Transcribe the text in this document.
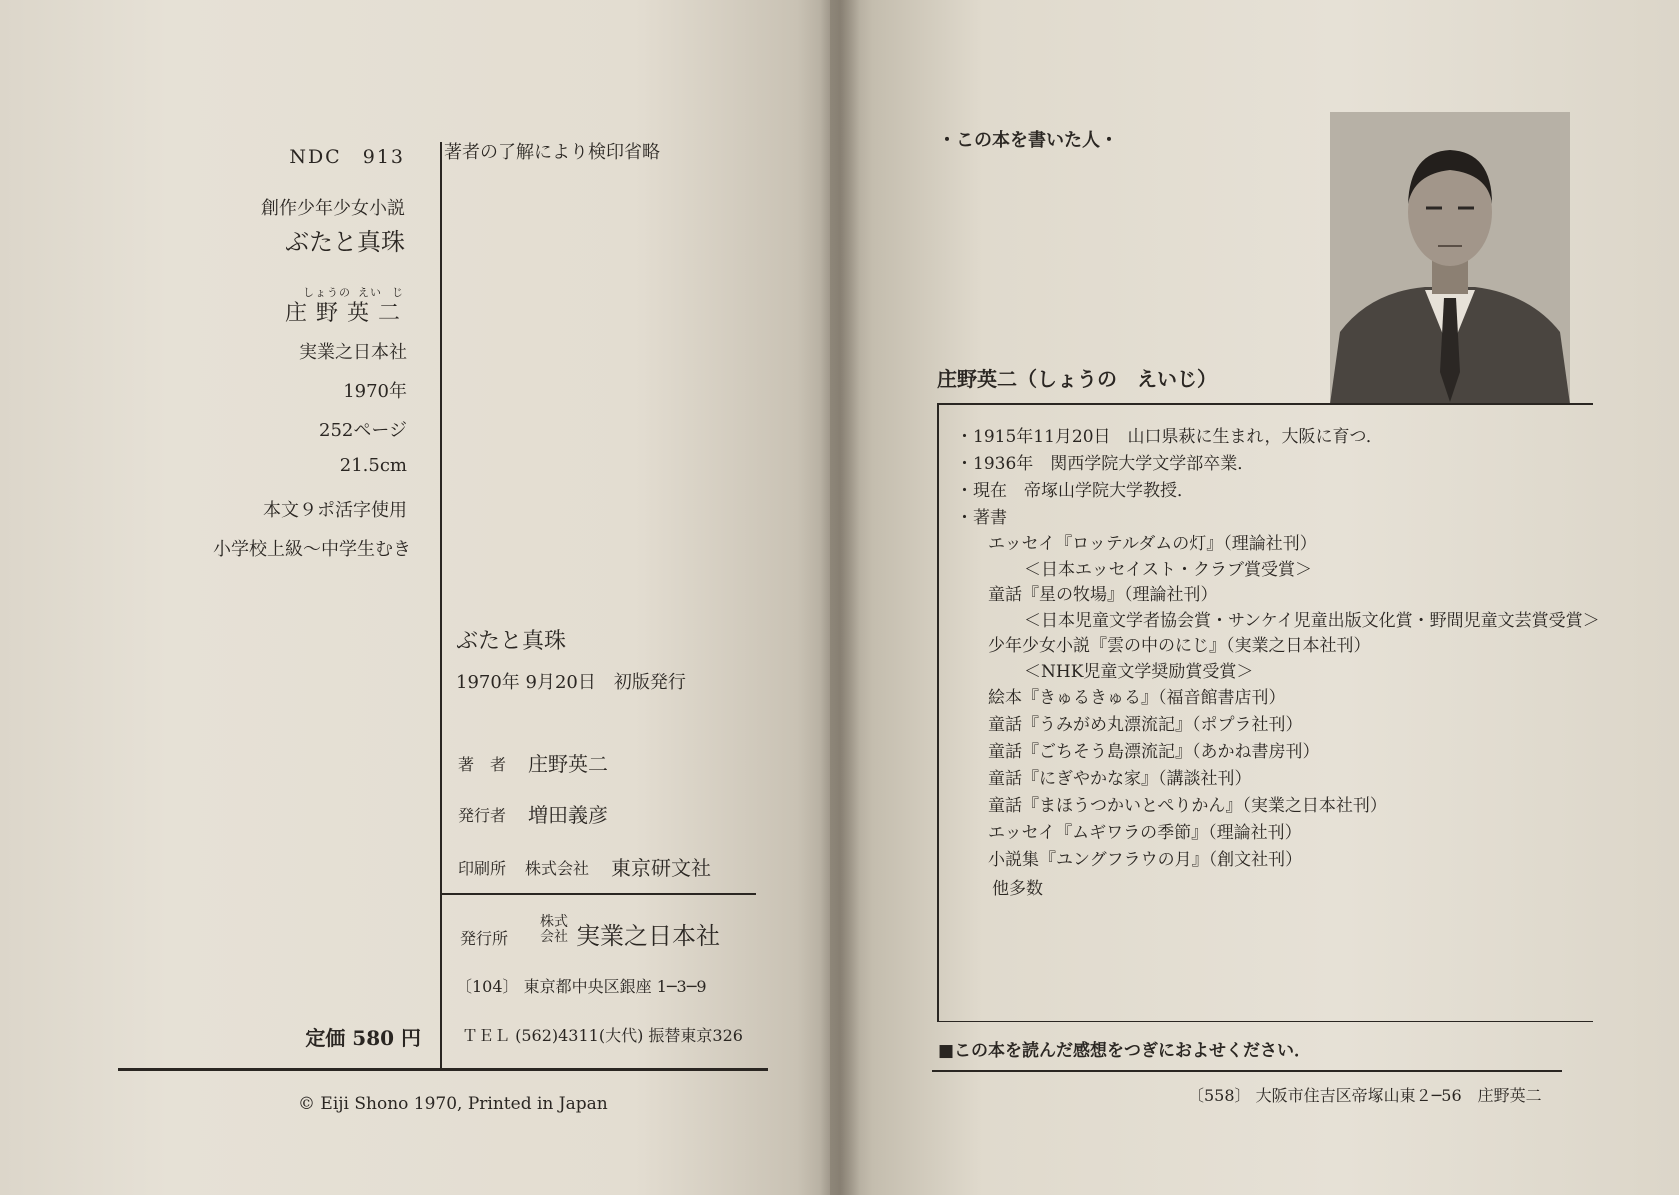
NDC　913
創作少年少女小説
ぶたと真珠
しょうの えい じ
庄野英二
実業之日本社
1970年
252ページ
21.5cm
本文９ポ活字使用
小学校上級～中学生むき
定価 580 円
著者の了解により検印省略
ぶたと真珠
1970年 9月20日　初版発行
著　者 庄野英二
発行者 増田義彦
印刷所 株式会社 東京研文社
発行所
株式
会社 実業之日本社
〔104〕 東京都中央区銀座 1─3─9
ＴＥＬ (562)4311(大代) 振替東京326
© Eiji Shono 1970, Printed in Japan
・この本を書いた人・
庄野英二（しょうの　えいじ）
・1915年11月20日　山口県萩に生まれ，大阪に育つ．
・1936年　関西学院大学文学部卒業．
・現在　帝塚山学院大学教授．
・著書
エッセイ『ロッテルダムの灯』（理論社刊）
＜日本エッセイスト・クラブ賞受賞＞
童話『星の牧場』（理論社刊）
＜日本児童文学者協会賞・サンケイ児童出版文化賞・野間児童文芸賞受賞＞
少年少女小説『雲の中のにじ』（実業之日本社刊）
＜NHK児童文学奨励賞受賞＞
絵本『きゅるきゅる』（福音館書店刊）
童話『うみがめ丸漂流記』（ポプラ社刊）
童話『ごちそう島漂流記』（あかね書房刊）
童話『にぎやかな家』（講談社刊）
童話『まほうつかいとぺりかん』（実業之日本社刊）
エッセイ『ムギワラの季節』（理論社刊）
小説集『ユングフラウの月』（創文社刊）
他多数
■この本を読んだ感想をつぎにおよせください．
〔558〕 大阪市住吉区帝塚山東２─56　庄野英二
